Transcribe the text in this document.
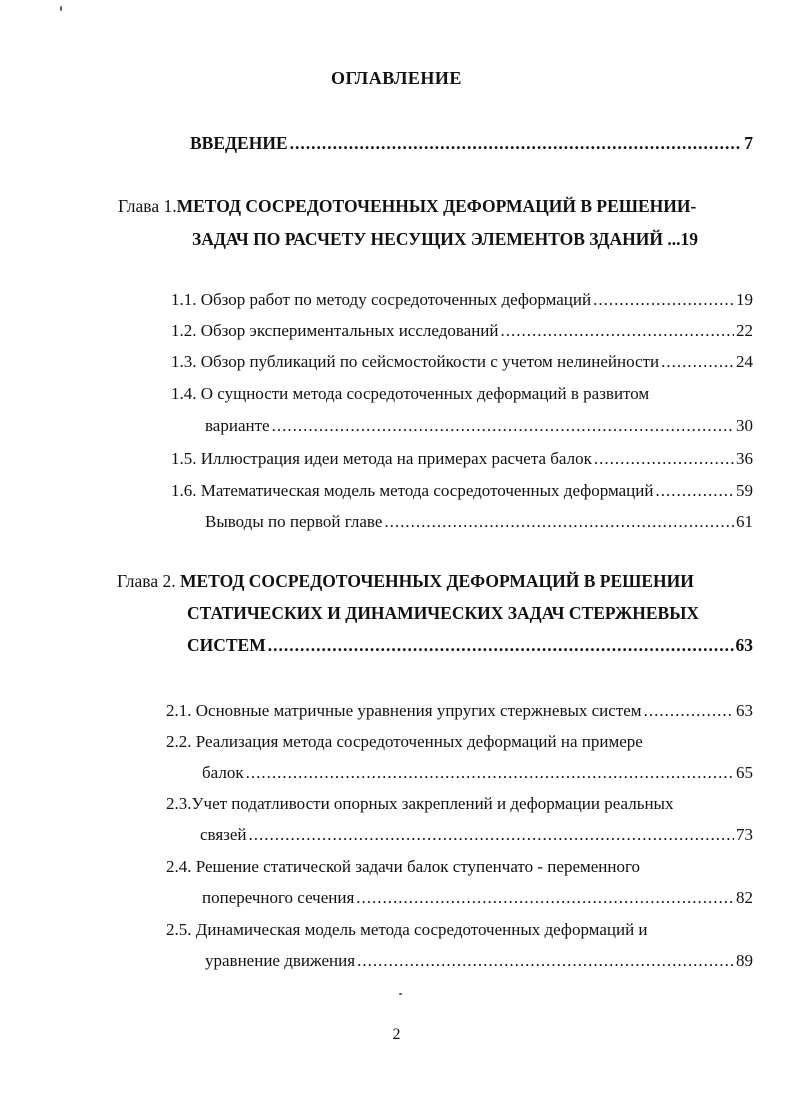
ОГЛАВЛЕНИЕ
ВВЕДЕНИЕ .....	7
Глава 1.МЕТОД СОСРЕДОТОЧЕННЫХ ДЕФОРМАЦИЙ В РЕШЕНИИ-
ЗАДАЧ ПО РАСЧЕТУ НЕСУЩИХ ЭЛЕМЕНТОВ ЗДАНИЙ ...19
1.1. Обзор работ по методу сосредоточенных деформаций .....	19
1.2. Обзор экспериментальных исследований .....	22
1.3. Обзор публикаций по сейсмостойкости с учетом нелинейности .....	24
1.4. О сущности метода сосредоточенных деформаций в развитом
варианте .....	30
1.5. Иллюстрация идеи метода на примерах расчета балок .....	36
1.6. Математическая модель метода сосредоточенных деформаций .....	59
Выводы по первой главе .....	61
Глава 2. МЕТОД СОСРЕДОТОЧЕННЫХ ДЕФОРМАЦИЙ В РЕШЕНИИ
СТАТИЧЕСКИХ И ДИНАМИЧЕСКИХ ЗАДАЧ СТЕРЖНЕВЫХ
СИСТЕМ .....	63
2.1. Основные матричные уравнения упругих стержневых систем .....	63
2.2. Реализация метода сосредоточенных деформаций на примере
балок .....	65
2.3.Учет податливости опорных закреплений и деформации реальных
связей .....	73
2.4. Решение статической задачи балок ступенчато - переменного
поперечного сечения .....	82
2.5. Динамическая модель метода сосредоточенных деформаций и
уравнение движения .....	89
2
